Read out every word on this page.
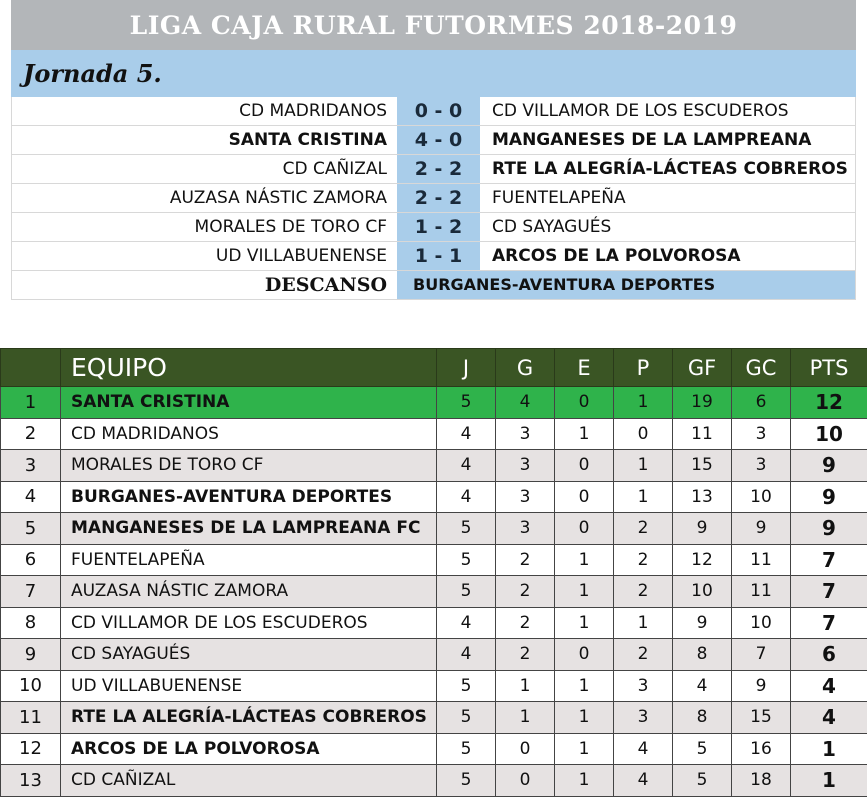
LIGA CAJA RURAL FUTORMES 2018-2019
Jornada 5.
CD MADRIDANOS	0 - 0	CD VILLAMOR DE LOS ESCUDEROS
SANTA CRISTINA	4 - 0	MANGANESES DE LA LAMPREANA
CD CAÑIZAL	2 - 2	RTE LA ALEGRÍA-LÁCTEAS COBREROS
AUZASA NÁSTIC ZAMORA	2 - 2	FUENTELAPEÑA
MORALES DE TORO CF	1 - 2	CD SAYAGUÉS
UD VILLABUENENSE	1 - 1	ARCOS DE LA POLVOROSA
DESCANSO	BURGANES-AVENTURA DEPORTES
	EQUIPO	J	G	E	P	GF	GC	PTS
1	SANTA CRISTINA	5	4	0	1	19	6	12
2	CD MADRIDANOS	4	3	1	0	11	3	10
3	MORALES DE TORO CF	4	3	0	1	15	3	9
4	BURGANES-AVENTURA DEPORTES	4	3	0	1	13	10	9
5	MANGANESES DE LA LAMPREANA FC	5	3	0	2	9	9	9
6	FUENTELAPEÑA	5	2	1	2	12	11	7
7	AUZASA NÁSTIC ZAMORA	5	2	1	2	10	11	7
8	CD VILLAMOR DE LOS ESCUDEROS	4	2	1	1	9	10	7
9	CD SAYAGUÉS	4	2	0	2	8	7	6
10	UD VILLABUENENSE	5	1	1	3	4	9	4
11	RTE LA ALEGRÍA-LÁCTEAS COBREROS	5	1	1	3	8	15	4
12	ARCOS DE LA POLVOROSA	5	0	1	4	5	16	1
13	CD CAÑIZAL	5	0	1	4	5	18	1
